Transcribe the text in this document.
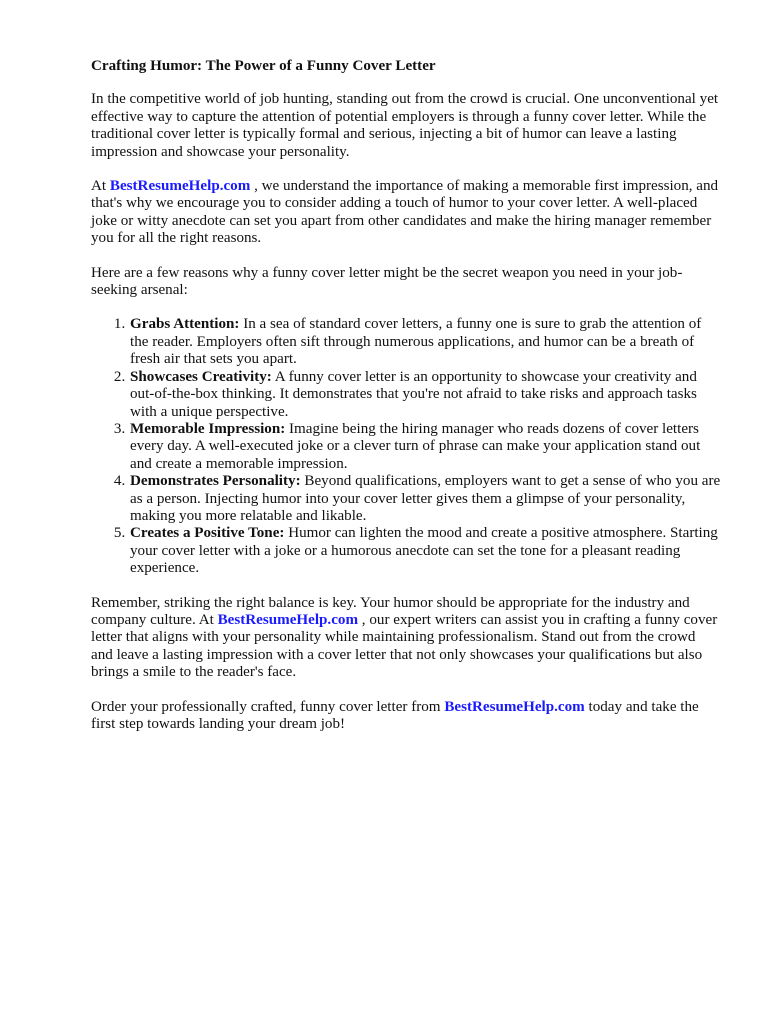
Crafting Humor: The Power of a Funny Cover Letter

In the competitive world of job hunting, standing out from the crowd is crucial. One unconventional yet effective way to capture the attention of potential employers is through a funny cover letter. While the traditional cover letter is typically formal and serious, injecting a bit of humor can leave a lasting impression and showcase your personality.

At BestResumeHelp.com , we understand the importance of making a memorable first impression, and that's why we encourage you to consider adding a touch of humor to your cover letter. A well-placed joke or witty anecdote can set you apart from other candidates and make the hiring manager remember you for all the right reasons.

Here are a few reasons why a funny cover letter might be the secret weapon you need in your job-seeking arsenal:

1. Grabs Attention: In a sea of standard cover letters, a funny one is sure to grab the attention of the reader. Employers often sift through numerous applications, and humor can be a breath of fresh air that sets you apart.
2. Showcases Creativity: A funny cover letter is an opportunity to showcase your creativity and out-of-the-box thinking. It demonstrates that you're not afraid to take risks and approach tasks with a unique perspective.
3. Memorable Impression: Imagine being the hiring manager who reads dozens of cover letters every day. A well-executed joke or a clever turn of phrase can make your application stand out and create a memorable impression.
4. Demonstrates Personality: Beyond qualifications, employers want to get a sense of who you are as a person. Injecting humor into your cover letter gives them a glimpse of your personality, making you more relatable and likable.
5. Creates a Positive Tone: Humor can lighten the mood and create a positive atmosphere. Starting your cover letter with a joke or a humorous anecdote can set the tone for a pleasant reading experience.

Remember, striking the right balance is key. Your humor should be appropriate for the industry and company culture. At BestResumeHelp.com , our expert writers can assist you in crafting a funny cover letter that aligns with your personality while maintaining professionalism. Stand out from the crowd and leave a lasting impression with a cover letter that not only showcases your qualifications but also brings a smile to the reader's face.

Order your professionally crafted, funny cover letter from BestResumeHelp.com today and take the first step towards landing your dream job!
